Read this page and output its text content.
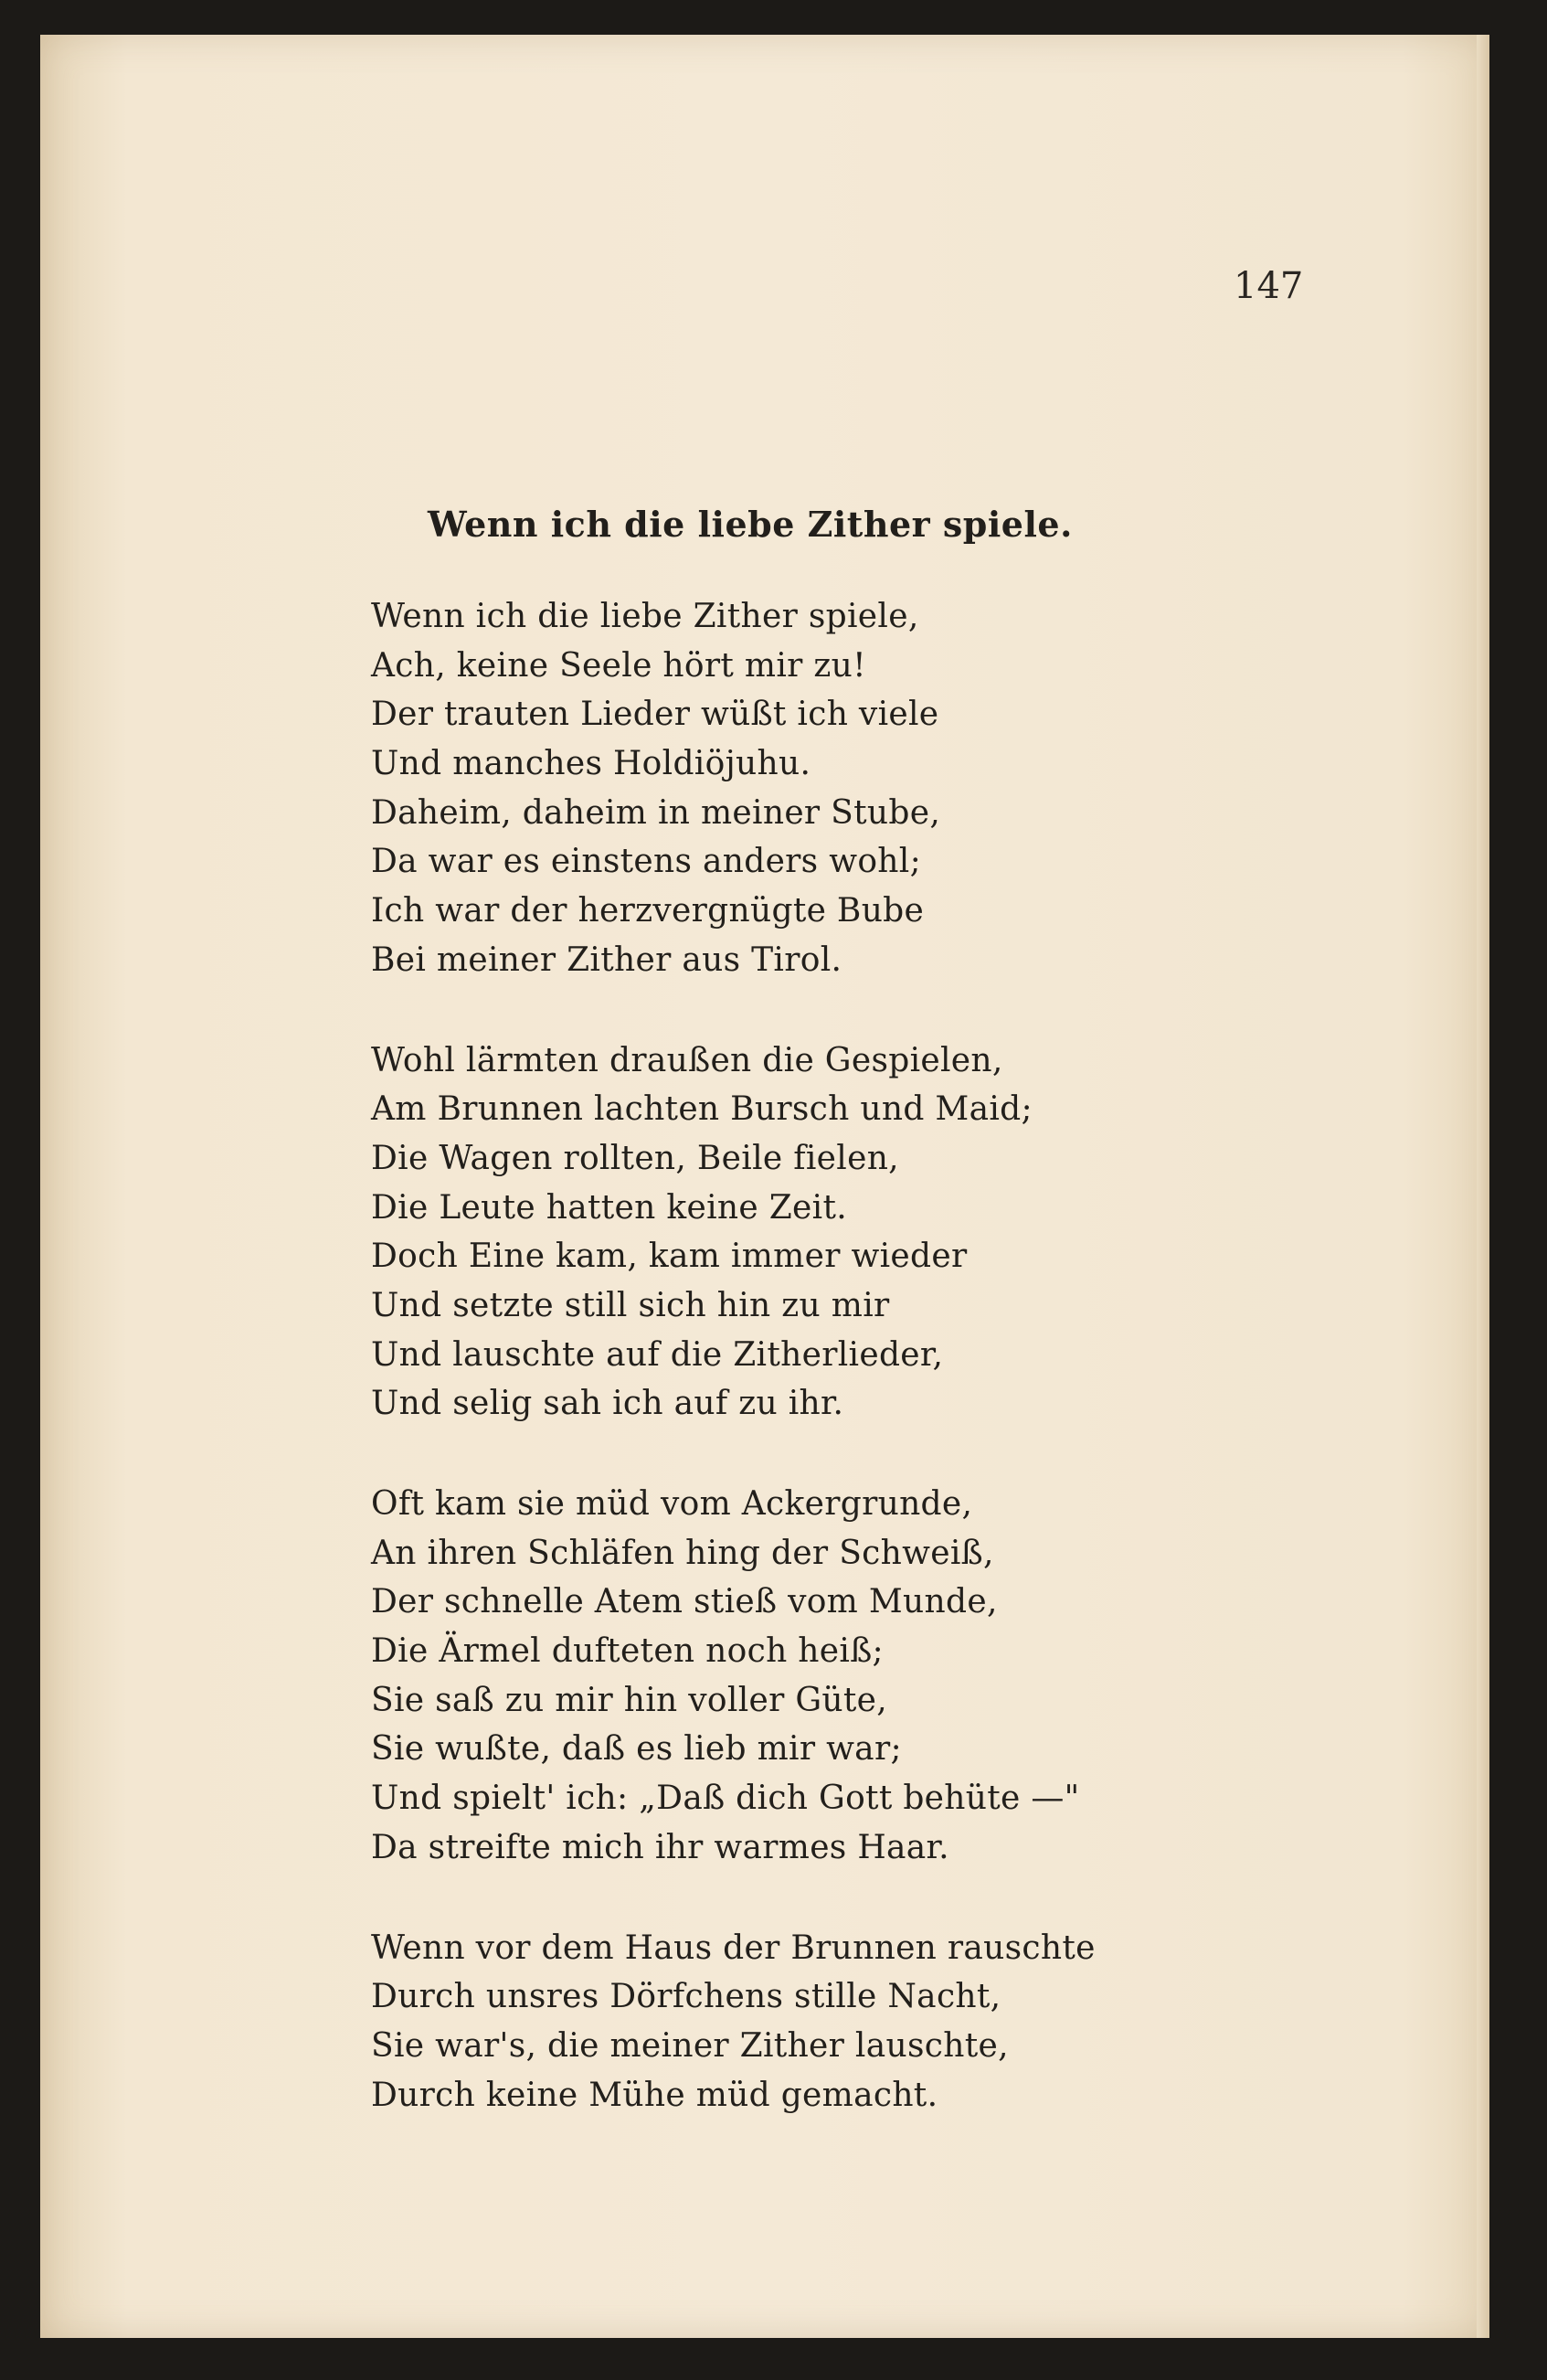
147
Wenn ich die liebe Zither spiele.
Wenn ich die liebe Zither spiele,
Ach, keine Seele hört mir zu!
Der trauten Lieder wüßt ich viele
Und manches Holdiöjuhu.
Daheim, daheim in meiner Stube,
Da war es einstens anders wohl;
Ich war der herzvergnügte Bube
Bei meiner Zither aus Tirol.
Wohl lärmten draußen die Gespielen,
Am Brunnen lachten Bursch und Maid;
Die Wagen rollten, Beile fielen,
Die Leute hatten keine Zeit.
Doch Eine kam, kam immer wieder
Und setzte still sich hin zu mir
Und lauschte auf die Zitherlieder,
Und selig sah ich auf zu ihr.
Oft kam sie müd vom Ackergrunde,
An ihren Schläfen hing der Schweiß,
Der schnelle Atem stieß vom Munde,
Die Ärmel dufteten noch heiß;
Sie saß zu mir hin voller Güte,
Sie wußte, daß es lieb mir war;
Und spielt' ich: „Daß dich Gott behüte —"
Da streifte mich ihr warmes Haar.
Wenn vor dem Haus der Brunnen rauschte
Durch unsres Dörfchens stille Nacht,
Sie war's, die meiner Zither lauschte,
Durch keine Mühe müd gemacht.
